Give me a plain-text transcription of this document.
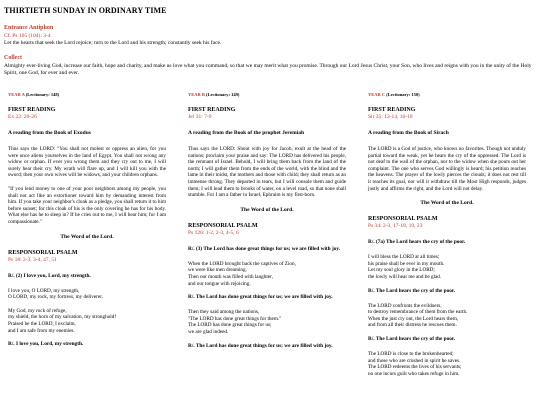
THIRTIETH SUNDAY IN ORDINARY TIME
Entrance Antiphon
Cf. Ps 105 (104): 3-4
Let the hearts that seek the Lord rejoice; turn to the Lord and his strength; constantly seek his face.
Collect
Almighty ever-living God, increase our faith, hope and charity, and make us love what you command, so that we may merit what you promise. Through our Lord Jesus Christ, your Son, who lives and reigns with you in the unity of the Holy Spirit, one God, for ever and ever.
YEAR A (Lectionary: 148)
FIRST READING
Ex 22: 20-26
A reading from the Book of Exodus

Thus says the LORD: "You shall not molest or oppress an alien, for you were once aliens yourselves in the land of Egypt. You shall not wrong any widow or orphan. If ever you wrong them and they cry out to me, I will surely hear their cry. My wrath will flare up, and I will kill you with the sword; then your own wives will be widows, and your children orphans.

"If you lend money to one of your poor neighbors among my people, you shall not act like an extortioner toward him by demanding interest from him. If you take your neighbor's cloak as a pledge, you shall return it to him before sunset; for this cloak of his is the only covering he has for his body. What else has he to sleep in? If he cries out to me, I will hear him; for I am compassionate."

The Word of the Lord.
RESPONSORIAL PSALM
Ps 18: 2-3, 3-4, 47, 51
R/. (2) I love you, Lord, my strength.
I love you, O LORD, my strength,
O LORD, my rock, my fortress, my deliverer.
My God, my rock of refuge,
my shield, the horn of my salvation, my stronghold!
Praised be the LORD, I exclaim,
and I am safe from my enemies.
R/. I love you, Lord, my strength.
YEAR B (Lectionary: 149)
FIRST READING
Jer 31: 7-9
A reading from the Book of the prophet Jeremiah

Thus says the LORD: Shout with joy for Jacob, exult at the head of the nations; proclaim your praise and say: The LORD has delivered his people, the remnant of Israel. Behold, I will bring them back from the land of the north; I will gather them from the ends of the world, with the blind and the lame in their midst, the mothers and those with child; they shall return as an immense throng. They departed in tears, but I will console them and guide them; I will lead them to brooks of water, on a level road, so that none shall stumble. For I am a father to Israel, Ephraim is my first-born.

The Word of the Lord.
RESPONSORIAL PSALM
Ps 126: 1-2, 2-3, 4-5, 6
R/. (3) The Lord has done great things for us; we are filled with joy.
When the LORD brought back the captives of Zion,
we were like men dreaming.
Then our mouth was filled with laughter,
and our tongue with rejoicing.
R/. The Lord has done great things for us; we are filled with joy.
Then they said among the nations,
"The LORD has done great things for them."
The LORD has done great things for us;
we are glad indeed.
R/. The Lord has done great things for us; we are filled with joy.
YEAR C (Lectionary: 150)
FIRST READING
Sir 35: 12-14, 16-18
A reading from the Book of Sirach

The LORD is a God of justice, who knows no favorites. Though not unduly partial toward the weak, yet he hears the cry of the oppressed. The Lord is not deaf to the wail of the orphan, nor to the widow when she pours out her complaint. The one who serves God willingly is heard; his petition reaches the heavens. The prayer of the lowly pierces the clouds; it does not rest till it reaches its goal, nor will it withdraw till the Most High responds, judges justly and affirms the right, and the Lord will not delay.

The Word of the Lord.
RESPONSORIAL PSALM
Ps 34: 2-3, 17-18, 19, 23
R/. (7a) The Lord hears the cry of the poor.
I will bless the LORD at all times;
his praise shall be ever in my mouth.
Let my soul glory in the LORD;
the lowly will hear me and be glad.
R/. The Lord hears the cry of the poor.
The LORD confronts the evildoers,
to destroy remembrance of them from the earth.
When the just cry out, the Lord hears them,
and from all their distress he rescues them.
R/. The Lord hears the cry of the poor.
The LORD is close to the brokenhearted;
and those who are crushed in spirit he saves.
The LORD redeems the lives of his servants;
no one incurs guilt who takes refuge in him.
